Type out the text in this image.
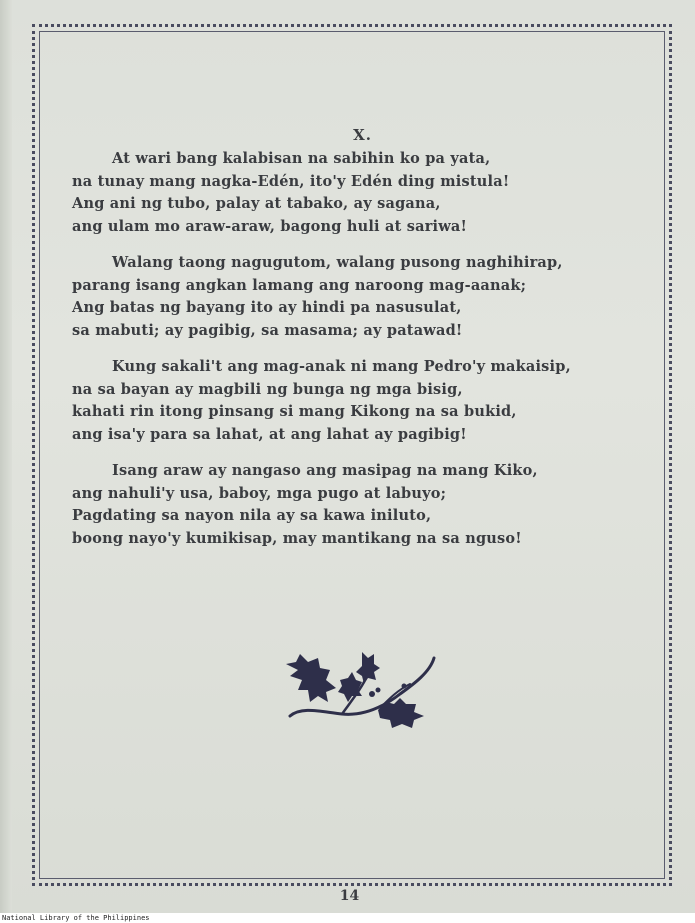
X.
At wari bang kalabisan na sabihin ko pa yata,
na tunay mang nagka-Edén, ito'y Edén ding mistula!
Ang ani ng tubo, palay at tabako, ay sagana,
ang ulam mo araw-araw, bagong huli at sariwa!
Walang taong nagugutom, walang pusong naghihirap,
parang isang angkan lamang ang naroong mag-aanak;
Ang batas ng bayang ito ay hindi pa nasusulat,
sa mabuti; ay pagibig, sa masama; ay patawad!
Kung sakali't ang mag-anak ni mang Pedro'y makaisip,
na sa bayan ay magbili ng bunga ng mga bisig,
kahati rin itong pinsang si mang Kikong na sa bukid,
ang isa'y para sa lahat, at ang lahat ay pagibig!
Isang araw ay nangaso ang masipag na mang Kiko,
ang nahuli'y usa, baboy, mga pugo at labuyo;
Pagdating sa nayon nila ay sa kawa iniluto,
boong nayo'y kumikisap, may mantikang na sa nguso!
14
National Library of the Philippines
